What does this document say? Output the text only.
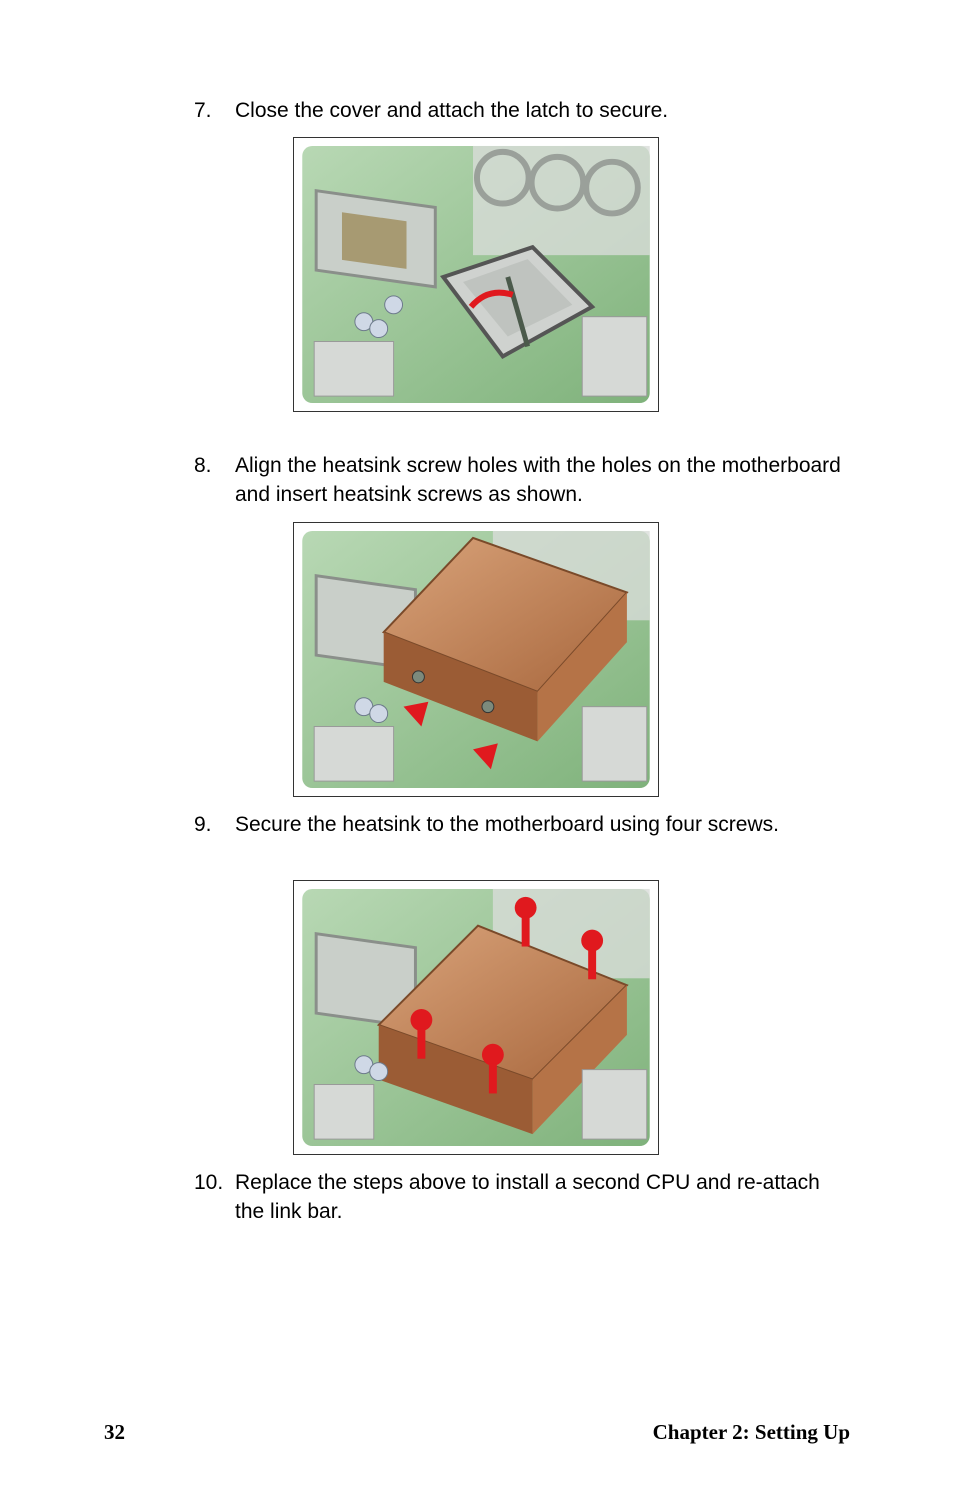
7. Close the cover and attach the latch to secure.
8. Align the heatsink screw holes with the holes on the motherboard and insert heatsink screws as shown.
9. Secure the heatsink to the motherboard using four screws.
10. Replace the steps above to install a second CPU and re-attach the link bar.
32	Chapter 2: Setting Up
